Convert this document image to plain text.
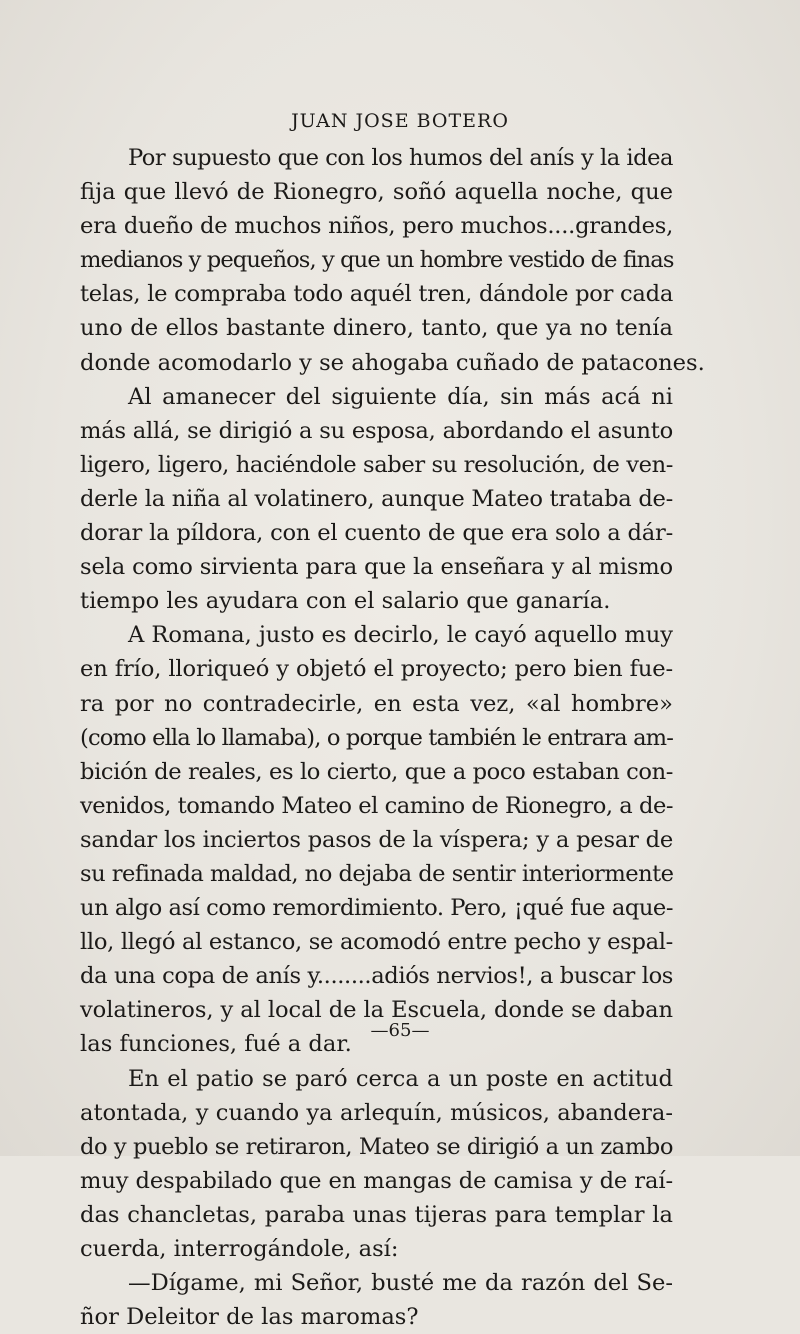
JUAN JOSE BOTERO

Por supuesto que con los humos del anís y la idea
fija que llevó de Rionegro, soñó aquella noche, que
era dueño de muchos niños, pero muchos....grandes,
medianos y pequeños, y que un hombre vestido de finas
telas, le compraba todo aquél tren, dándole por cada
uno de ellos bastante dinero, tanto, que ya no tenía
donde acomodarlo y se ahogaba cuñado de patacones.

Al amanecer del siguiente día, sin más acá ni
más allá, se dirigió a su esposa, abordando el asunto
ligero, ligero, haciéndole saber su resolución, de ven-
derle la niña al volatinero, aunque Mateo trataba de-
dorar la píldora, con el cuento de que era solo a dár-
sela como sirvienta para que la enseñara y al mismo
tiempo les ayudara con el salario que ganaría.

A Romana, justo es decirlo, le cayó aquello muy
en frío, lloriqueó y objetó el proyecto; pero bien fue-
ra por no contradecirle, en esta vez, «al hombre»
(como ella lo llamaba), o porque también le entrara am-
bición de reales, es lo cierto, que a poco estaban con-
venidos, tomando Mateo el camino de Rionegro, a de-
sandar los inciertos pasos de la víspera; y a pesar de
su refinada maldad, no dejaba de sentir interiormente
un algo así como remordimiento. Pero, ¡qué fue aque-
llo, llegó al estanco, se acomodó entre pecho y espal-
da una copa de anís y........adiós nervios!, a buscar los
volatineros, y al local de la Escuela, donde se daban
las funciones, fué a dar.

En el patio se paró cerca a un poste en actitud
atontada, y cuando ya arlequín, músicos, abandera-
do y pueblo se retiraron, Mateo se dirigió a un zambo
muy despabilado que en mangas de camisa y de raí-
das chancletas, paraba unas tijeras para templar la
cuerda, interrogándole, así:

—Dígame, mi Señor, busté me da razón del Se-
ñor Deleitor de las maromas?

—65—
